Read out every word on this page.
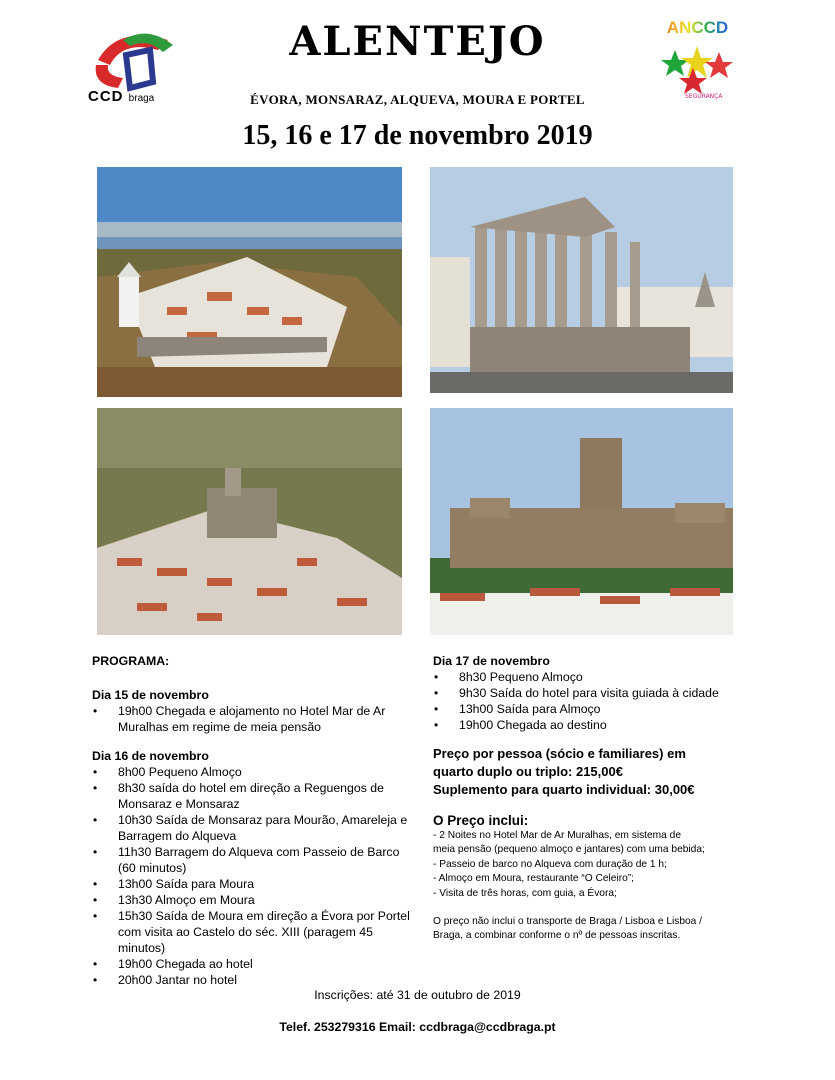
CCD braga
ALENTEJO
ÉVORA, MONSARAZ, ALQUEVA, MOURA E PORTEL
15, 16 e 17 de novembro 2019
ANCCD
SEGURANÇA
PROGRAMA:
Dia 15 de novembro
• 19h00 Chegada e alojamento no Hotel Mar de Ar Muralhas em regime de meia pensão
Dia 16 de novembro
• 8h00 Pequeno Almoço
• 8h30 saída do hotel em direção a Reguengos de Monsaraz e Monsaraz
• 10h30 Saída de Monsaraz para Mourão, Amareleja e Barragem do Alqueva
• 11h30 Barragem do Alqueva com Passeio de Barco (60 minutos)
• 13h00 Saída para Moura
• 13h30 Almoço em Moura
• 15h30 Saída de Moura em direção a Évora por Portel com visita ao Castelo do séc. XIII (paragem 45 minutos)
• 19h00 Chegada ao hotel
• 20h00 Jantar no hotel
Dia 17 de novembro
• 8h30 Pequeno Almoço
• 9h30 Saída do hotel para visita guiada à cidade
• 13h00 Saída para Almoço
• 19h00 Chegada ao destino
Preço por pessoa (sócio e familiares) em
quarto duplo ou triplo: 215,00€
Suplemento para quarto individual: 30,00€
O Preço inclui:
- 2 Noites no Hotel Mar de Ar Muralhas, em sistema de
meia pensão (pequeno almoço e jantares) com uma bebida;
- Passeio de barco no Alqueva com duração de 1 h;
- Almoço em Moura, restaurante “O Celeiro”;
- Visita de três horas, com guia, a Évora;
O preço não inclui o transporte de Braga / Lisboa e Lisboa /
Braga, a combinar conforme o nº de pessoas inscritas.
Inscrições: até 31 de outubro de 2019
Telef. 253279316 Email: ccdbraga@ccdbraga.pt
